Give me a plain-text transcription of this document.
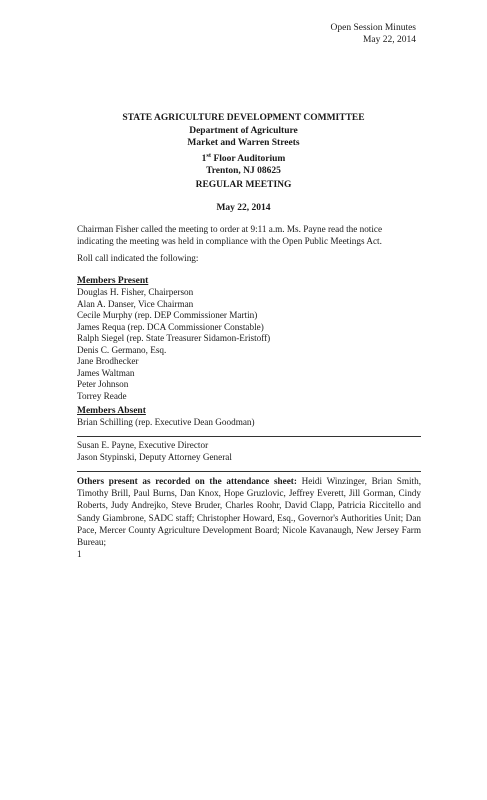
Open Session Minutes
May 22, 2014
STATE AGRICULTURE DEVELOPMENT COMMITTEE
Department of Agriculture
Market and Warren Streets
1st Floor Auditorium
Trenton, NJ 08625
REGULAR MEETING
May 22, 2014
Chairman Fisher called the meeting to order at 9:11 a.m. Ms. Payne read the notice indicating the meeting was held in compliance with the Open Public Meetings Act.
Roll call indicated the following:
Members Present
Douglas H. Fisher, Chairperson
Alan A. Danser, Vice Chairman
Cecile Murphy (rep. DEP Commissioner Martin)
James Requa (rep. DCA Commissioner Constable)
Ralph Siegel (rep. State Treasurer Sidamon-Eristoff)
Denis C. Germano, Esq.
Jane Brodhecker
James Waltman
Peter Johnson
Torrey Reade
Members Absent
Brian Schilling (rep. Executive Dean Goodman)
Susan E. Payne, Executive Director
Jason Stypinski, Deputy Attorney General
Others present as recorded on the attendance sheet: Heidi Winzinger, Brian Smith, Timothy Brill, Paul Burns, Dan Knox, Hope Gruzlovic, Jeffrey Everett, Jill Gorman, Cindy Roberts, Judy Andrejko, Steve Bruder, Charles Roohr, David Clapp, Patricia Riccitello and Sandy Giambrone, SADC staff; Christopher Howard, Esq., Governor's Authorities Unit; Dan Pace, Mercer County Agriculture Development Board; Nicole Kavanaugh, New Jersey Farm Bureau;
1
